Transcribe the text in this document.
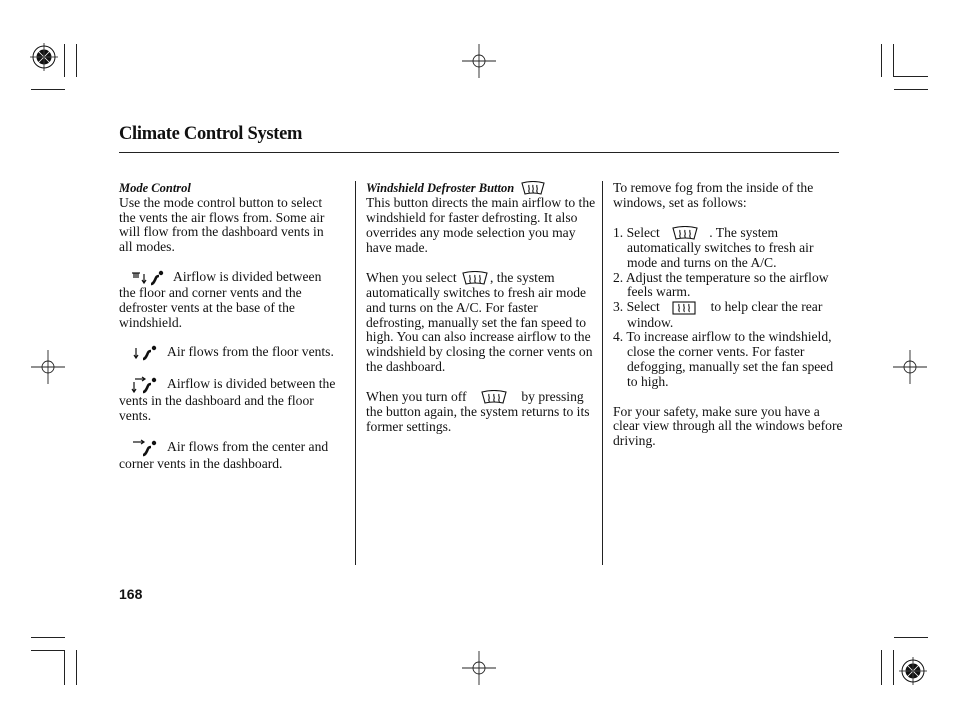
Climate Control System

Mode Control

Use the mode control button to select the vents the air flows from. Some air will flow from the dashboard vents in all modes.

Airflow is divided between the floor and corner vents and the defroster vents at the base of the windshield.

Air flows from the floor vents.

Airflow is divided between the vents in the dashboard and the floor vents.

Air flows from the center and corner vents in the dashboard.

Windshield Defroster Button

This button directs the main airflow to the windshield for faster defrosting. It also overrides any mode selection you may have made.

When you select , the system automatically switches to fresh air mode and turns on the A/C. For faster defrosting, manually set the fan speed to high. You can also increase airflow to the windshield by closing the corner vents on the dashboard.

When you turn off	by pressing the button again, the system returns to its former settings.

To remove fog from the inside of the windows, set as follows:

1. Select	. The system automatically switches to fresh air mode and turns on the A/C.

2. Adjust the temperature so the airflow feels warm.

3. Select	to help clear the rear window.

4. To increase airflow to the windshield, close the corner vents. For faster defogging, manually set the fan speed to high.

For your safety, make sure you have a clear view through all the windows before driving.

168
